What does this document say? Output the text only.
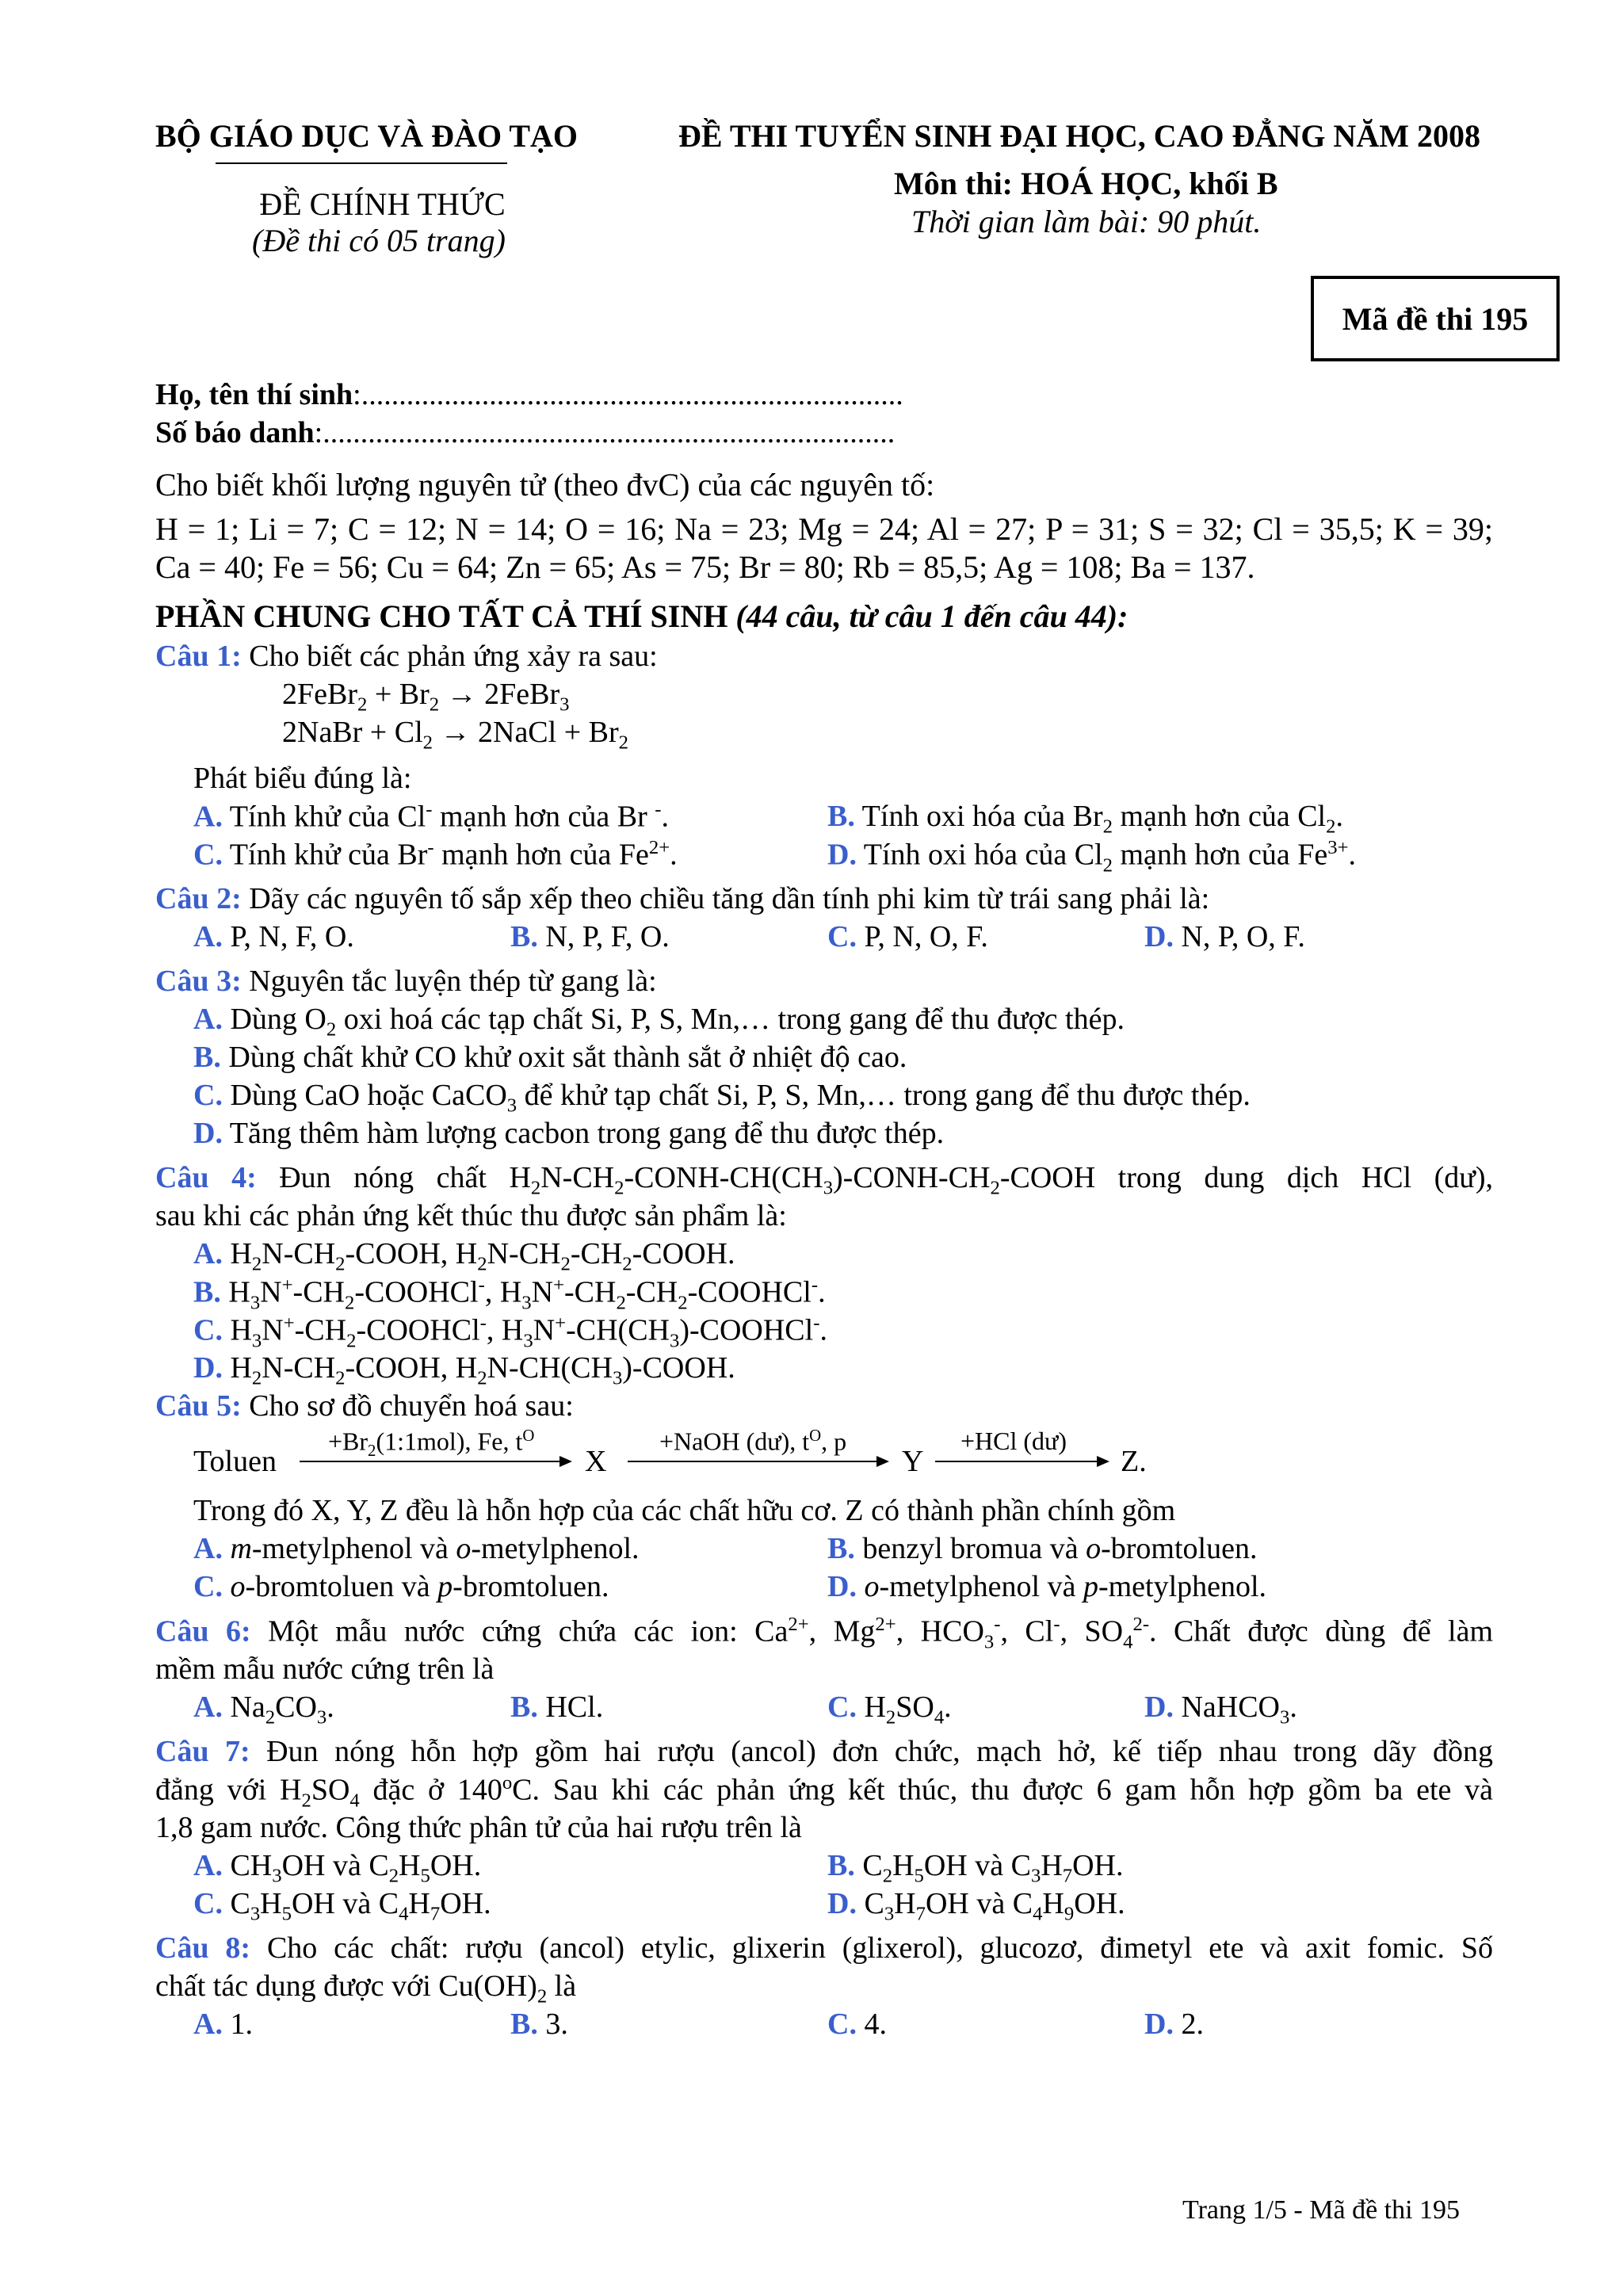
BỘ GIÁO DỤC VÀ ĐÀO TẠO
ĐỀ CHÍNH THỨC
(Đề thi có 05 trang)
ĐỀ THI TUYỂN SINH ĐẠI HỌC, CAO ĐẲNG NĂM 2008
Môn thi: HOÁ HỌC, khối B
Thời gian làm bài: 90 phút.
Mã đề thi 195
Họ, tên thí sinh:........................................................................
Số báo danh:............................................................................
Cho biết khối lượng nguyên tử (theo đvC) của các nguyên tố:
H = 1; Li = 7; C = 12; N = 14; O = 16; Na = 23; Mg = 24; Al = 27; P = 31; S = 32; Cl = 35,5; K = 39;
Ca = 40; Fe = 56; Cu = 64; Zn = 65; As = 75; Br = 80; Rb = 85,5; Ag = 108; Ba = 137.
PHẦN CHUNG CHO TẤT CẢ THÍ SINH (44 câu, từ câu 1 đến câu 44):
Câu 1: Cho biết các phản ứng xảy ra sau:
2FeBr$_2$ + $Br_2$ → 2FeBr$_3$
2NaBr + $Cl_2$ → 2NaCl + $Br_2$
Phát biểu đúng là:
A. Tính khử của Cl- mạnh hơn của Br -.	B. Tính oxi hóa của $Br_2$ mạnh hơn của $Cl_2$.
C. Tính khử của Br- mạnh hơn của $Fe^{2+}$.	D. Tính oxi hóa của $Cl_2$ mạnh hơn của $Fe^{3+}$.
Câu 2: Dãy các nguyên tố sắp xếp theo chiều tăng dần tính phi kim từ trái sang phải là:
A. P, N, F, O.	B. N, P, F, O.	C. P, N, O, F.	D. N, P, O, F.
Câu 3: Nguyên tắc luyện thép từ gang là:
A. Dùng $O_2$ oxi hoá các tạp chất Si, P, S, Mn,… trong gang để thu được thép.
B. Dùng chất khử CO khử oxit sắt thành sắt ở nhiệt độ cao.
C. Dùng CaO hoặc CaCO$_3$ để khử tạp chất Si, P, S, Mn,… trong gang để thu được thép.
D. Tăng thêm hàm lượng cacbon trong gang để thu được thép.
Câu 4: Đun nóng chất $H_2N-CH_2-CONH-CH(CH_3)-CONH-CH_2$-COOH trong dung dịch HCl (dư),
sau khi các phản ứng kết thúc thu được sản phẩm là:
A. $H_2N-CH_2$-COOH, $H_2N-CH_2-CH_2$-COOH.
B. $H_3N^+-CH_2-COOHCl^-$, $H_3N^+-CH_2-CH_2-COOHCl^-$.
C. $H_3N^+-CH_2-COOHCl^-$, $H_3N^+-CH(CH_3)-COOHCl^-$.
D. $H_2N-CH_2$-COOH, $H_2N-CH(CH_3)$-COOH.
Câu 5: Cho sơ đồ chuyển hoá sau:
Toluen
$+Br_2(1:1mol)$, Fe, $t^O$
X
+NaOH (dư), $t^O$, p
Y
+HCl (dư)
Z.
Trong đó X, Y, Z đều là hỗn hợp của các chất hữu cơ. Z có thành phần chính gồm
A. m-metylphenol và o-metylphenol.	B. benzyl bromua và o-bromtoluen.
C. o-bromtoluen và p-bromtoluen.	D. o-metylphenol và p-metylphenol.
Câu 6: Một mẫu nước cứng chứa các ion: $Ca^{2+}$, $Mg^{2+}$, $HCO_3^-$, Cl-, $SO_4^{2-}$. Chất được dùng để làm
mềm mẫu nước cứng trên là
A. $Na_2CO_3$.	B. HCl.	C. $H_2SO_4$.	D. NaHCO$_3$.
Câu 7: Đun nóng hỗn hợp gồm hai rượu (ancol) đơn chức, mạch hở, kế tiếp nhau trong dãy đồng
đẳng với $H_2SO_4$ đặc ở 140$^o$C. Sau khi các phản ứng kết thúc, thu được 6 gam hỗn hợp gồm ba ete và
1,8 gam nước. Công thức phân tử của hai rượu trên là
A. $CH_3OH$ và $C_2H_5OH$.	B. $C_2H_5OH$ và $C_3H_7OH$.
C. $C_3H_5OH$ và $C_4H_7OH$.	D. $C_3H_7OH$ và $C_4H_9OH$.
Câu 8: Cho các chất: rượu (ancol) etylic, glixerin (glixerol), glucozơ, đimetyl ete và axit fomic. Số
chất tác dụng được với $Cu(OH)_2$ là
A. 1.	B. 3.	C. 4.	D. 2.
Trang 1/5 - Mã đề thi 195
